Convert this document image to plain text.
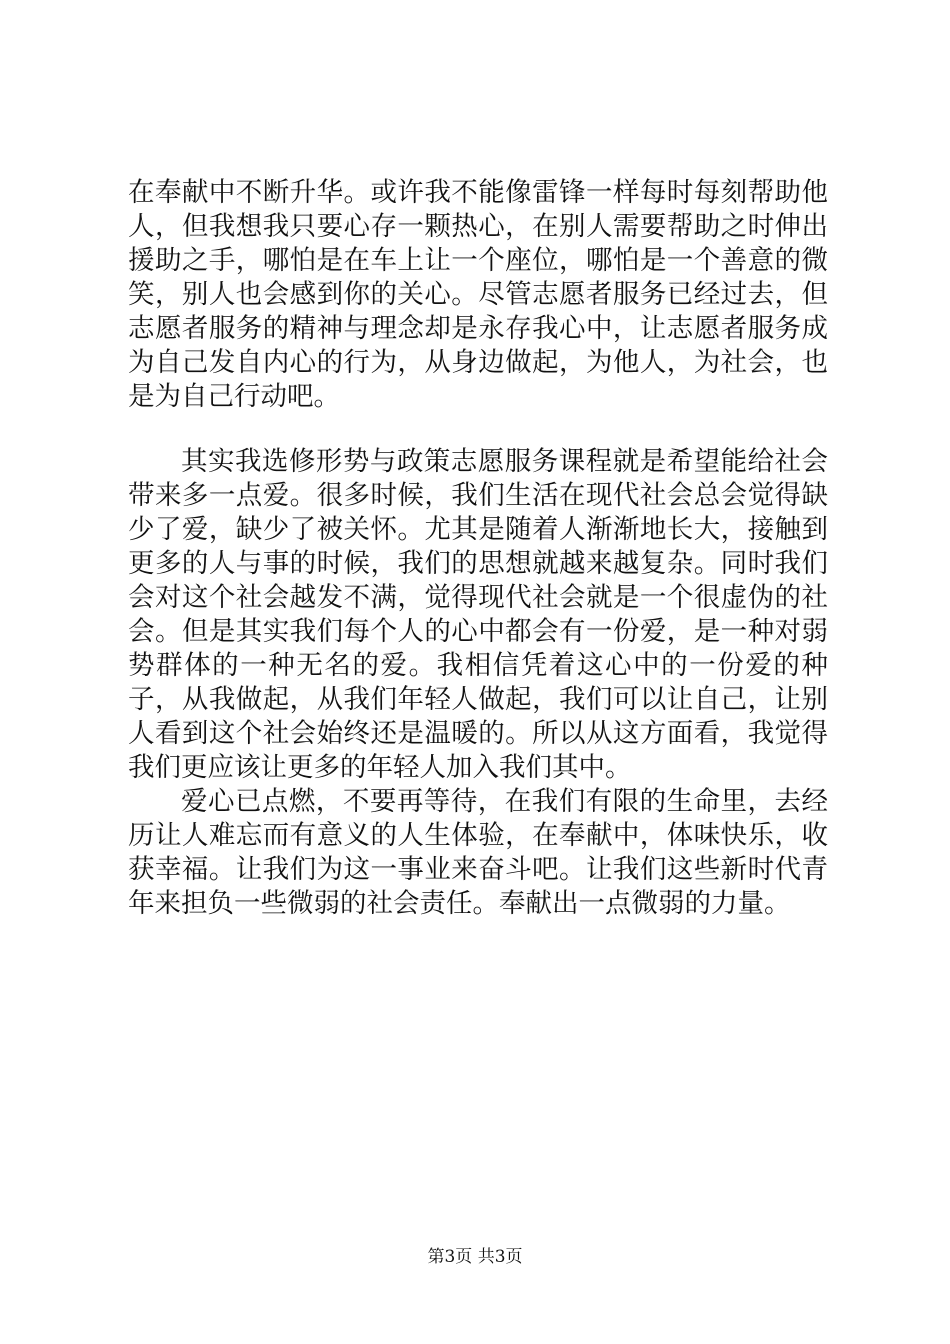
在奉献中不断升华。或许我不能像雷锋一样每时每刻帮助他人，但我想我只要心存一颗热心，在别人需要帮助之时伸出援助之手，哪怕是在车上让一个座位，哪怕是一个善意的微笑，别人也会感到你的关心。尽管志愿者服务已经过去，但志愿者服务的精神与理念却是永存我心中，让志愿者服务成为自己发自内心的行为，从身边做起，为他人，为社会，也是为自己行动吧。

其实我选修形势与政策志愿服务课程就是希望能给社会带来多一点爱。很多时候，我们生活在现代社会总会觉得缺少了爱，缺少了被关怀。尤其是随着人渐渐地长大，接触到更多的人与事的时候，我们的思想就越来越复杂。同时我们会对这个社会越发不满，觉得现代社会就是一个很虚伪的社会。但是其实我们每个人的心中都会有一份爱，是一种对弱势群体的一种无名的爱。我相信凭着这心中的一份爱的种子，从我做起，从我们年轻人做起，我们可以让自己，让别人看到这个社会始终还是温暖的。所以从这方面看，我觉得我们更应该让更多的年轻人加入我们其中。

爱心已点燃，不要再等待，在我们有限的生命里，去经历让人难忘而有意义的人生体验，在奉献中，体味快乐，收获幸福。让我们为这一事业来奋斗吧。让我们这些新时代青年来担负一些微弱的社会责任。奉献出一点微弱的力量。

第3页 共3页
